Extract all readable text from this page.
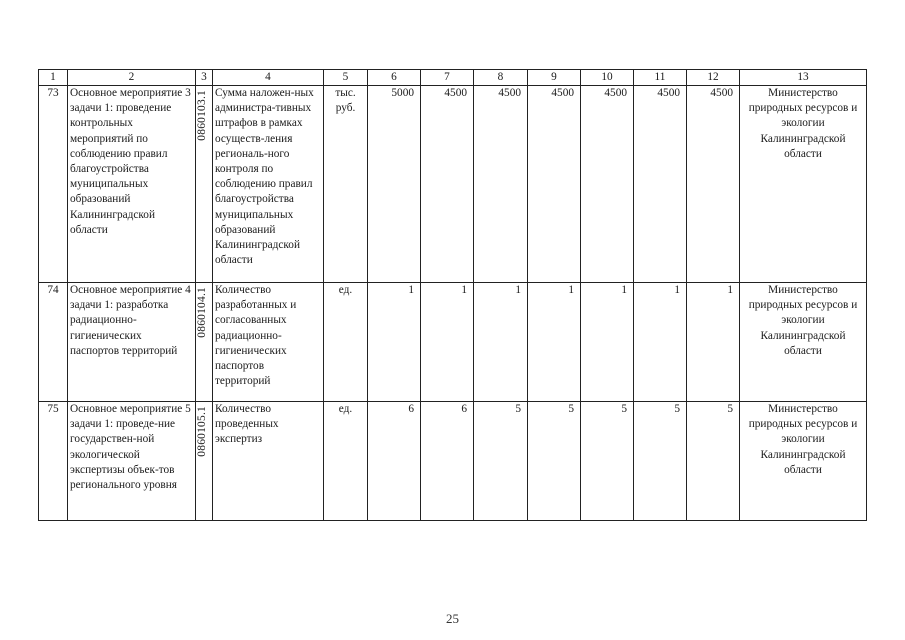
1	2	3	4	5	6	7	8	9	10	11	12	13
73	Основное мероприятие 3 задачи 1: проведение контрольных мероприятий по соблюдению правил благоустройства муниципальных образований Калининградской области	0860103.1	Сумма наложен-ных администра-тивных штрафов в рамках осуществ-ления региональ-ного контроля по соблюдению правил благоустройства муниципальных образований Калининградской области	тыс. руб.	5000	4500	4500	4500	4500	4500	4500	Министерство природных ресурсов и экологии Калининградской области
74	Основное мероприятие 4 задачи 1: разработка радиационно-гигиенических паспортов территорий	0860104.1	Количество разработанных и согласованных радиационно-гигиенических паспортов территорий	ед.	1	1	1	1	1	1	1	Министерство природных ресурсов и экологии Калининградской области
75	Основное мероприятие 5 задачи 1: проведе-ние государствен-ной экологической экспертизы объек-тов регионального уровня	0860105.1	Количество проведенных экспертиз	ед.	6	6	5	5	5	5	5	Министерство природных ресурсов и экологии Калининградской области
25
